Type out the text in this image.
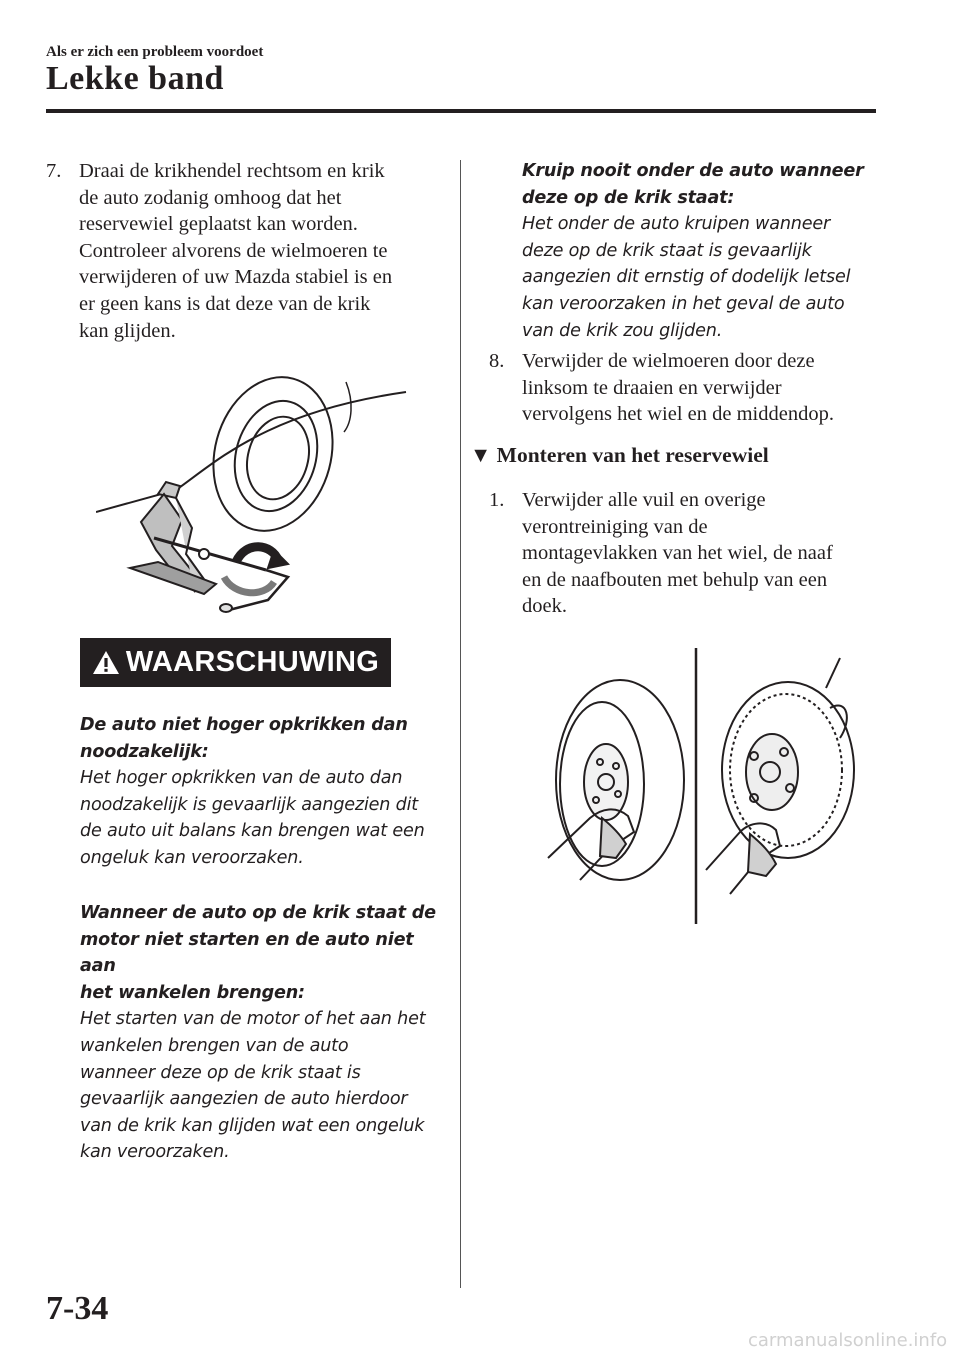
Als er zich een probleem voordoet
Lekke band
7. Draai de krikhendel rechtsom en krik
de auto zodanig omhoog dat het
reservewiel geplaatst kan worden.
Controleer alvorens de wielmoeren te
verwijderen of uw Mazda stabiel is en
er geen kans is dat deze van de krik
kan glijden.
WAARSCHUWING
De auto niet hoger opkrikken dan
noodzakelijk:
Het hoger opkrikken van de auto dan
noodzakelijk is gevaarlijk aangezien dit
de auto uit balans kan brengen wat een
ongeluk kan veroorzaken.
Wanneer de auto op de krik staat de
motor niet starten en de auto niet aan
het wankelen brengen:
Het starten van de motor of het aan het
wankelen brengen van de auto
wanneer deze op de krik staat is
gevaarlijk aangezien de auto hierdoor
van de krik kan glijden wat een ongeluk
kan veroorzaken.
Kruip nooit onder de auto wanneer
deze op de krik staat:
Het onder de auto kruipen wanneer
deze op de krik staat is gevaarlijk
aangezien dit ernstig of dodelijk letsel
kan veroorzaken in het geval de auto
van de krik zou glijden.
8. Verwijder de wielmoeren door deze
linksom te draaien en verwijder
vervolgens het wiel en de middendop.
▼ Monteren van het reservewiel
1. Verwijder alle vuil en overige
verontreiniging van de
montagevlakken van het wiel, de naaf
en de naafbouten met behulp van een
doek.
7-34
carmanualsonline.info
